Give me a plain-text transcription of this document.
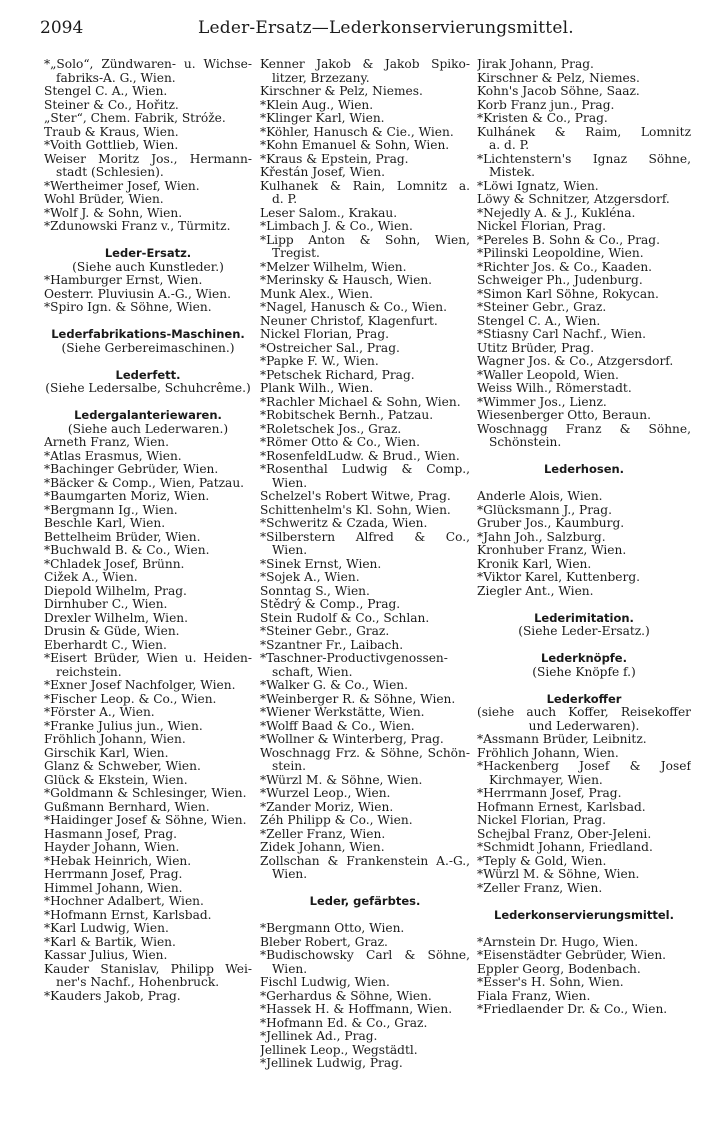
2094	Leder-Ersatz—Lederkonservierungsmittel.
*„Solo“, Zündwaren- u. Wichse-
fabriks-A. G., Wien.
Stengel C. A., Wien.
Steiner & Co., Hořitz.
„Ster“, Chem. Fabrik, Stróže.
Traub & Kraus, Wien.
*Voith Gottlieb, Wien.
Weiser Moritz Jos., Hermann-
stadt (Schlesien).
*Wertheimer Josef, Wien.
Wohl Brüder, Wien.
*Wolf J. & Sohn, Wien.
*Zdunowski Franz v., Türmitz.
Leder-Ersatz.
(Siehe auch Kunstleder.)
*Hamburger Ernst, Wien.
Oesterr. Pluviusin A.-G., Wien.
*Spiro Ign. & Söhne, Wien.
Lederfabrikations-Maschinen.
(Siehe Gerbereimaschinen.)
Lederfett.
(Siehe Ledersalbe, Schuhcrême.)
Ledergalanteriewaren.
(Siehe auch Lederwaren.)
Arneth Franz, Wien.
*Atlas Erasmus, Wien.
*Bachinger Gebrüder, Wien.
*Bäcker & Comp., Wien, Patzau.
*Baumgarten Moriz, Wien.
*Bergmann Ig., Wien.
Beschle Karl, Wien.
Bettelheim Brüder, Wien.
*Buchwald B. & Co., Wien.
*Chladek Josef, Brünn.
Čižek A., Wien.
Diepold Wilhelm, Prag.
Dirnhuber C., Wien.
Drexler Wilhelm, Wien.
Drusin & Güde, Wien.
Eberhardt C., Wien.
*Eisert Brüder, Wien u. Heiden-
reichstein.
*Exner Josef Nachfolger, Wien.
*Fischer Leop. & Co., Wien.
*Förster A., Wien.
*Franke Julius jun., Wien.
Fröhlich Johann, Wien.
Girschik Karl, Wien.
Glanz & Schweber, Wien.
Glück & Ekstein, Wien.
*Goldmann & Schlesinger, Wien.
Gußmann Bernhard, Wien.
*Haidinger Josef & Söhne, Wien.
Hasmann Josef, Prag.
Hayder Johann, Wien.
*Hebak Heinrich, Wien.
Herrmann Josef, Prag.
Himmel Johann, Wien.
*Hochner Adalbert, Wien.
*Hofmann Ernst, Karlsbad.
*Karl Ludwig, Wien.
*Karl & Bartik, Wien.
Kassar Julius, Wien.
Kauder Stanislav, Philipp Wei-
ner's Nachf., Hohenbruck.
*Kauders Jakob, Prag.
Kenner Jakob & Jakob Spiko-
litzer, Brzezany.
Kirschner & Pelz, Niemes.
*Klein Aug., Wien.
*Klinger Karl, Wien.
*Köhler, Hanusch & Cie., Wien.
*Kohn Emanuel & Sohn, Wien.
*Kraus & Epstein, Prag.
Křestán Josef, Wien.
Kulhanek & Rain, Lomnitz a.
d. P.
Leser Salom., Krakau.
*Limbach J. & Co., Wien.
*Lipp Anton & Sohn, Wien,
Tregist.
*Melzer Wilhelm, Wien.
*Merinsky & Hausch, Wien.
Munk Alex., Wien.
*Nagel, Hanusch & Co., Wien.
Neuner Christof, Klagenfurt.
Nickel Florian, Prag.
*Östreicher Sal., Prag.
*Papke F. W., Wien.
*Petschek Richard, Prag.
Plank Wilh., Wien.
*Rachler Michael & Sohn, Wien.
*Robitschek Bernh., Patzau.
*Roletschek Jos., Graz.
*Römer Otto & Co., Wien.
*RosenfeldLudw. & Brud., Wien.
*Rosenthal Ludwig & Comp.,
Wien.
Schelzel's Robert Witwe, Prag.
Schittenhelm's Kl. Sohn, Wien.
*Schweritz & Czada, Wien.
*Silberstern Alfred & Co.,
Wien.
*Sinek Ernst, Wien.
*Sojek A., Wien.
Sonntag S., Wien.
Stědrý & Comp., Prag.
Stein Rudolf & Co., Schlan.
*Steiner Gebr., Graz.
*Szantner Fr., Laibach.
*Taschner-Productivgenossen-
schaft, Wien.
*Walker G. & Co., Wien.
*Weinberger R. & Söhne, Wien.
*Wiener Werkstätte, Wien.
*Wolff Baad & Co., Wien.
*Wollner & Winterberg, Prag.
Woschnagg Frz. & Söhne, Schön-
stein.
*Würzl M. & Söhne, Wien.
*Wurzel Leop., Wien.
*Zander Moriz, Wien.
Zéh Philipp & Co., Wien.
*Zeller Franz, Wien.
Zidek Johann, Wien.
Zollschan & Frankenstein A.-G.,
Wien.
Leder, gefärbtes.
*Bergmann Otto, Wien.
Bleber Robert, Graz.
*Budischowsky Carl & Söhne,
Wien.
Fischl Ludwig, Wien.
*Gerhardus & Söhne, Wien.
*Hassek H. & Hoffmann, Wien.
*Hofmann Ed. & Co., Graz.
*Jellinek Ad., Prag.
Jellinek Leop., Wegstädtl.
*Jellinek Ludwig, Prag.
Jirak Johann, Prag.
Kirschner & Pelz, Niemes.
Kohn's Jacob Söhne, Saaz.
Korb Franz jun., Prag.
*Kristen & Co., Prag.
Kulhánek & Raim, Lomnitz
a. d. P.
*Lichtenstern's Ignaz Söhne,
Mistek.
*Löwi Ignatz, Wien.
Löwy & Schnitzer, Atzgersdorf.
*Nejedly A. & J., Kukléna.
Nickel Florian, Prag.
*Pereles B. Sohn & Co., Prag.
*Pilinski Leopoldine, Wien.
*Richter Jos. & Co., Kaaden.
Schweiger Ph., Judenburg.
*Simon Karl Söhne, Rokycan.
*Steiner Gebr., Graz.
Stengel C. A., Wien.
*Stiasny Carl Nachf., Wien.
Utitz Brüder, Prag.
Wagner Jos. & Co., Atzgersdorf.
*Waller Leopold, Wien.
Weiss Wilh., Römerstadt.
*Wimmer Jos., Lienz.
Wiesenberger Otto, Beraun.
Woschnagg Franz & Söhne,
Schönstein.
Lederhosen.
Anderle Alois, Wien.
*Glücksmann J., Prag.
Gruber Jos., Kaumburg.
*Jahn Joh., Salzburg.
Kronhuber Franz, Wien.
Kronik Karl, Wien.
*Viktor Karel, Kuttenberg.
Ziegler Ant., Wien.
Lederimitation.
(Siehe Leder-Ersatz.)
Lederknöpfe.
(Siehe Knöpfe f.)
Lederkoffer
(siehe auch Koffer, Reisekoffer
und Lederwaren).
*Assmann Brüder, Leibnitz.
Fröhlich Johann, Wien.
*Hackenberg Josef & Josef
Kirchmayer, Wien.
*Herrmann Josef, Prag.
Hofmann Ernest, Karlsbad.
Nickel Florian, Prag.
Schejbal Franz, Ober-Jeleni.
*Schmidt Johann, Friedland.
*Teply & Gold, Wien.
*Würzl M. & Söhne, Wien.
*Zeller Franz, Wien.
Lederkonservierungsmittel.
*Arnstein Dr. Hugo, Wien.
*Eisenstädter Gebrüder, Wien.
Eppler Georg, Bodenbach.
*Esser's H. Sohn, Wien.
Fiala Franz, Wien.
*Friedlaender Dr. & Co., Wien.
